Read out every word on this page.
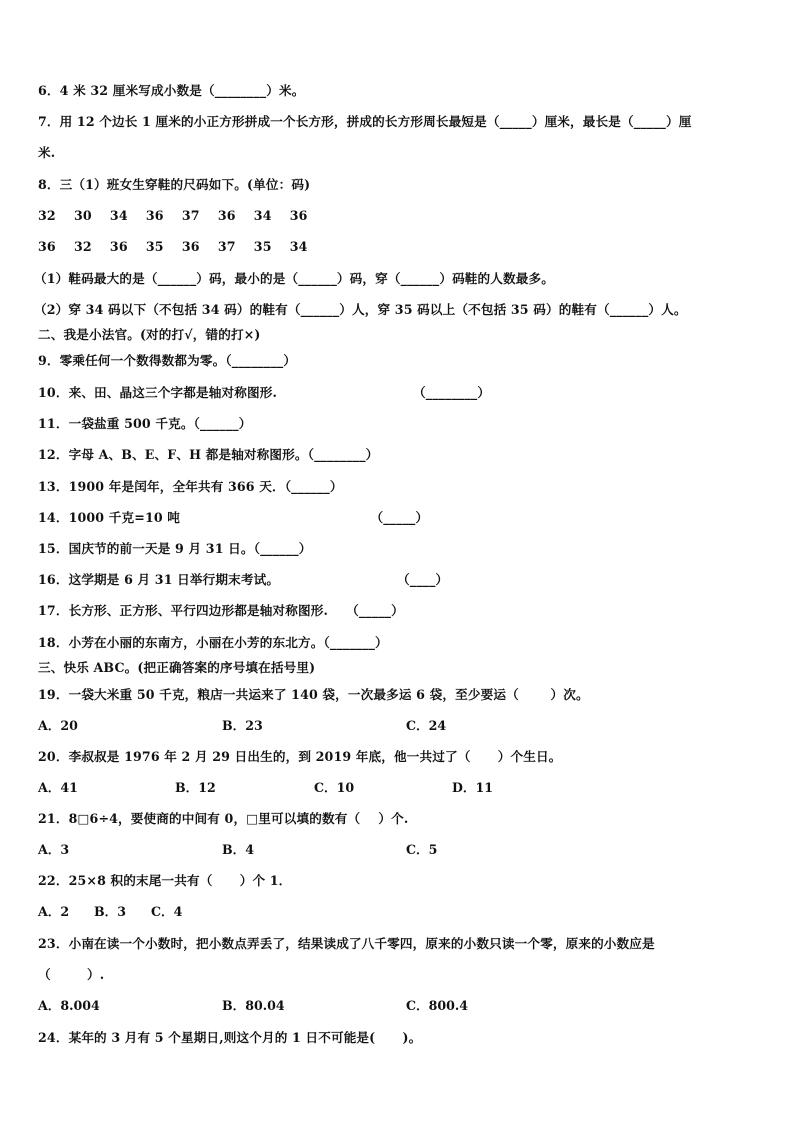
6．4 米 32 厘米写成小数是（________）米。
7．用 12 个边长 1 厘米的小正方形拼成一个长方形，拼成的长方形周长最短是（_____）厘米，最长是（_____）厘
米.
8．三（1）班女生穿鞋的尺码如下。(单位：码)
32    30    34    36    37    36    34    36
36    32    36    35    36    37    35    34
（1）鞋码最大的是（______）码，最小的是（______）码，穿（______）码鞋的人数最多。
（2）穿 34 码以下（不包括 34 码）的鞋有（______）人，穿 35 码以上（不包括 35 码）的鞋有（______）人。
二、我是小法官。(对的打√，错的打×)
9．零乘任何一个数得数都为零。（________）
10．来、田、晶这三个字都是轴对称图形.                              （________）
11．一袋盐重 500 千克。（______）
12．字母 A、B、E、F、H 都是轴对称图形。（________）
13．1900 年是闰年，全年共有 366 天．（______）
14．1000 千克=10 吨                                          （_____）
15．国庆节的前一天是 9 月 31 日。（______）
16．这学期是 6 月 31 日举行期末考试。                          （____）
17．长方形、正方形、平行四边形都是轴对称图形.    （_____）
18．小芳在小丽的东南方，小丽在小芳的东北方。（_______）
三、快乐 ABC。(把正确答案的序号填在括号里)
19．一袋大米重 50 千克，粮店一共运来了 140 袋，一次最多运 6 袋，至少要运（       ）次。
A．20	B．23	C．24
20．李叔叔是 1976 年 2 月 29 日出生的，到 2019 年底，他一共过了（      ）个生日。
A．41	B．12	C．10	D．11
21．8□6÷4，要使商的中间有 0，□里可以填的数有（    ）个.
A．3	B．4	C．5
22．25×8 积的末尾一共有（      ）个 1．
A．2 B．3 C．4
23．小南在读一个小数时，把小数点弄丢了，结果读成了八千零四，原来的小数只读一个零，原来的小数应是
（        ）.
A．8.004	B．80.04	C．800.4
24．某年的 3 月有 5 个星期日,则这个月的 1 日不可能是(      )。
